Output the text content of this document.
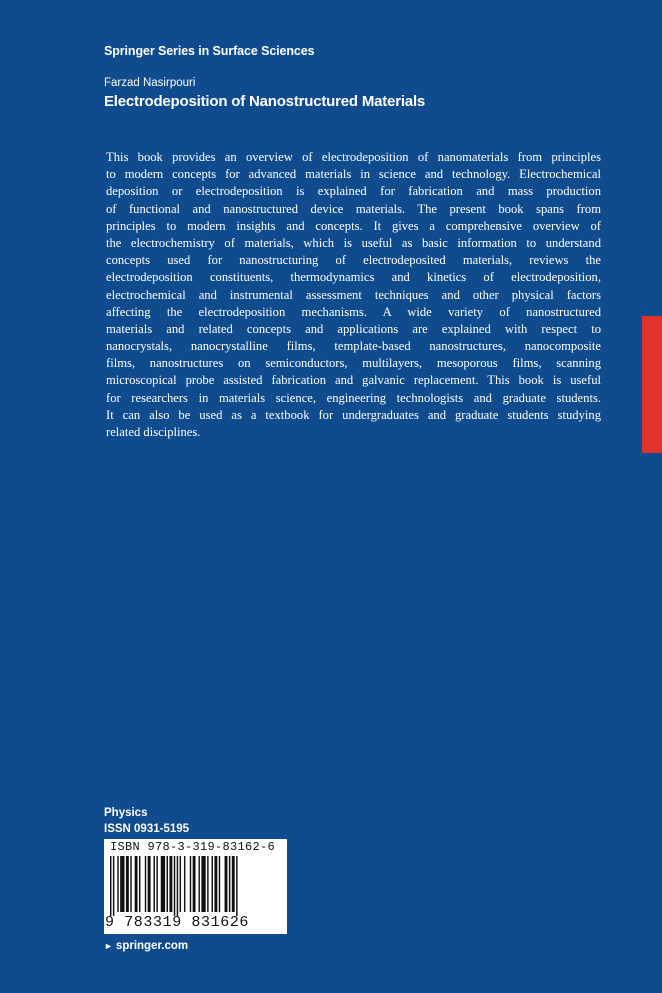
Springer Series in Surface Sciences
Farzad Nasirpouri
Electrodeposition of Nanostructured Materials
This book provides an overview of electrodeposition of nanomaterials from principles
to modern concepts for advanced materials in science and technology. Electrochemical
deposition or electrodeposition is explained for fabrication and mass production
of functional and nanostructured device materials. The present book spans from
principles to modern insights and concepts. It gives a comprehensive overview of
the electrochemistry of materials, which is useful as basic information to understand
concepts used for nanostructuring of electrodeposited materials, reviews the
electrodeposition constituents, thermodynamics and kinetics of electrodeposition,
electrochemical and instrumental assessment techniques and other physical factors
affecting the electrodeposition mechanisms. A wide variety of nanostructured
materials and related concepts and applications are explained with respect to
nanocrystals, nanocrystalline films, template-based nanostructures, nanocomposite
films, nanostructures on semiconductors, multilayers, mesoporous films, scanning
microscopical probe assisted fabrication and galvanic replacement. This book is useful
for researchers in materials science, engineering technologists and graduate students.
It can also be used as a textbook for undergraduates and graduate students studying
related disciplines.
Physics
ISSN 0931-5195
ISBN 978-3-319-83162-6
9 783319 831626
► springer.com
